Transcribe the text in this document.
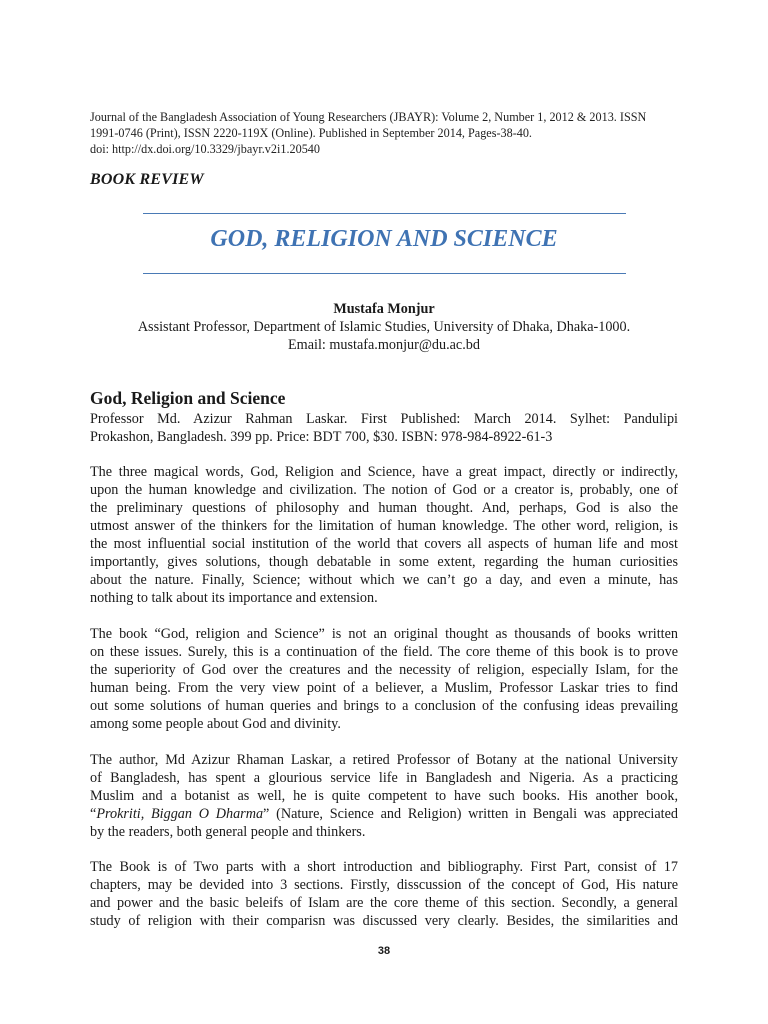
Journal of the Bangladesh Association of Young Researchers (JBAYR): Volume 2, Number 1, 2012 & 2013. ISSN
1991-0746 (Print), ISSN 2220-119X (Online). Published in September 2014, Pages-38-40.
doi: http://dx.doi.org/10.3329/jbayr.v2i1.20540
BOOK REVIEW
GOD, RELIGION AND SCIENCE
Mustafa Monjur
Assistant Professor, Department of Islamic Studies, University of Dhaka, Dhaka-1000.
Email: mustafa.monjur@du.ac.bd
God, Religion and Science
Professor Md. Azizur Rahman Laskar. First Published: March 2014. Sylhet: Pandulipi
Prokashon, Bangladesh. 399 pp. Price: BDT 700, $30. ISBN: 978-984-8922-61-3
The three magical words, God, Religion and Science, have a great impact, directly or indirectly,
upon the human knowledge and civilization. The notion of God or a creator is, probably, one of
the preliminary questions of philosophy and human thought. And, perhaps, God is also the
utmost answer of the thinkers for the limitation of human knowledge. The other word, religion, is
the most influential social institution of the world that covers all aspects of human life and most
importantly, gives solutions, though debatable in some extent, regarding the human curiosities
about the nature. Finally, Science; without which we can’t go a day, and even a minute, has
nothing to talk about its importance and extension.
The book “God, religion and Science” is not an original thought as thousands of books written
on these issues. Surely, this is a continuation of the field. The core theme of this book is to prove
the superiority of God over the creatures and the necessity of religion, especially Islam, for the
human being. From the very view point of a believer, a Muslim, Professor Laskar tries to find
out some solutions of human queries and brings to a conclusion of the confusing ideas prevailing
among some people about God and divinity.
The author, Md Azizur Rhaman Laskar, a retired Professor of Botany at the national University
of Bangladesh, has spent a glourious service life in Bangladesh and Nigeria. As a practicing
Muslim and a botanist as well, he is quite competent to have such books. His another book,
“Prokriti, Biggan O Dharma” (Nature, Science and Religion) written in Bengali was appreciated
by the readers, both general people and thinkers.
The Book is of Two parts with a short introduction and bibliography. First Part, consist of 17
chapters, may be devided into 3 sections. Firstly, disscussion of the concept of God, His nature
and power and the basic beleifs of Islam are the core theme of this section. Secondly, a general
study of religion with their comparisn was discussed very clearly. Besides, the similarities and
38
